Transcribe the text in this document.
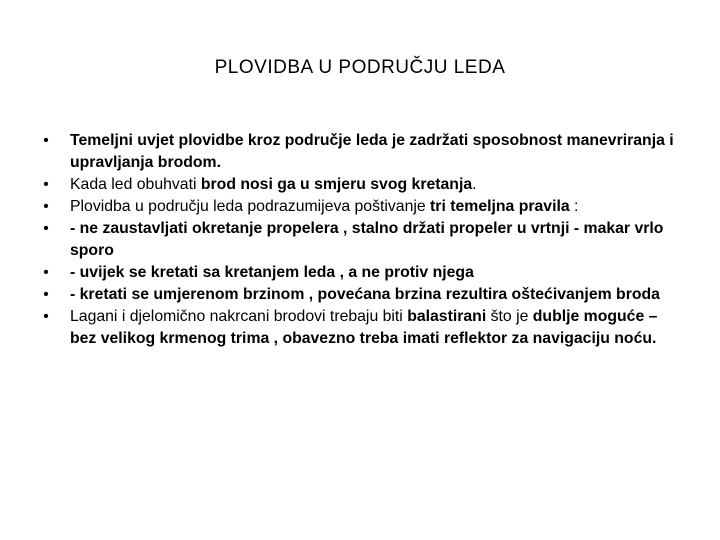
PLOVIDBA U PODRUČJU LEDA
• Temeljni uvjet plovidbe kroz područje leda je zadržati sposobnost manevriranja i upravljanja brodom.
• Kada led obuhvati brod nosi ga u smjeru svog kretanja.
• Plovidba u području leda podrazumijeva poštivanje tri temeljna pravila :
• - ne zaustavljati okretanje propelera , stalno držati propeler u vrtnji - makar vrlo sporo
• - uvijek se kretati sa kretanjem leda , a ne protiv njega
• - kretati se umjerenom brzinom , povećana brzina rezultira oštećivanjem broda
• Lagani i djelomično nakrcani brodovi trebaju biti balastirani što je dublje moguće – bez velikog krmenog trima , obavezno treba imati reflektor za navigaciju noću.
